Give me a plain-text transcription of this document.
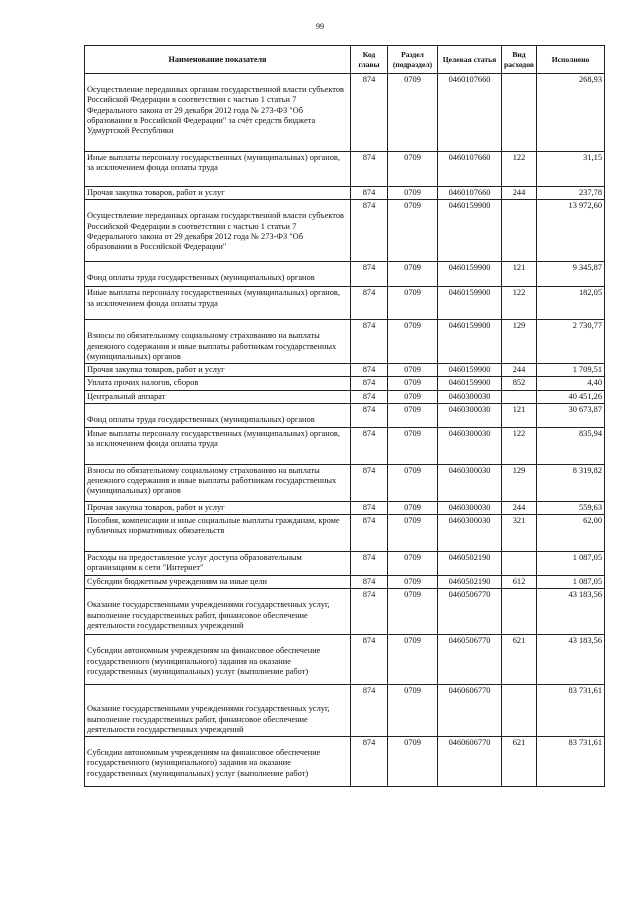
99
Наименование показателя	Код главы	Раздел (подраздел)	Целевая статья	Вид расходов	Исполнено

Осуществление переданных органам государственной власти субъектов Российской Федерации в соответствии с частью 1 статьи 7 Федерального закона от 29 декабря 2012 года № 273-ФЗ "Об образовании в Российской Федерации" за счёт средств бюджета Удмуртской Республики	874	0709	0460107660		268,93

Иные выплаты персоналу государственных (муниципальных) органов, за исключением фонда оплаты труда	874	0709	0460107660	122	31,15

Прочая закупка товаров, работ и услуг	874	0709	0460107660	244	237,78

Осуществление переданных органам государственной власти субъектов Российской Федерации в соответствии с частью 1 статьи 7 Федерального закона от 29 декабря 2012 года № 273-ФЗ "Об образовании в Российской Федерации"	874	0709	0460159900		13 972,60

Фонд оплаты труда государственных (муниципальных) органов	874	0709	0460159900	121	9 345,87

Иные выплаты персоналу государственных (муниципальных) органов, за исключением фонда оплаты труда	874	0709	0460159900	122	182,05

Взносы по обязательному социальному страхованию на выплаты денежного содержания и иные выплаты работникам государственных (муниципальных) органов	874	0709	0460159900	129	2 730,77

Прочая закупка товаров, работ и услуг	874	0709	0460159900	244	1 709,51

Уплата прочих налогов, сборов	874	0709	0460159900	852	4,40

Центральный аппарат	874	0709	0460300030		40 451,26

Фонд оплаты труда государственных (муниципальных) органов	874	0709	0460300030	121	30 673,87

Иные выплаты персоналу государственных (муниципальных) органов, за исключением фонда оплаты труда	874	0709	0460300030	122	835,94

Взносы по обязательному социальному страхованию на выплаты денежного содержания и иные выплаты работникам государственных (муниципальных) органов	874	0709	0460300030	129	8 319,82

Прочая закупка товаров, работ и услуг	874	0709	0460300030	244	559,63

Пособия, компенсации и иные социальные выплаты гражданам, кроме публичных нормативных обязательств	874	0709	0460300030	321	62,00

Расходы на предоставление услуг доступа образовательным организациям к сети "Интернет"	874	0709	0460502190		1 087,05

Субсидии бюджетным учреждениям на иные цели	874	0709	0460502190	612	1 087,05

Оказание государственными учреждениями государственных услуг, выполнение государственных работ, финансовое обеспечение деятельности государственных учреждений	874	0709	0460506770		43 183,56

Субсидии автономным учреждениям на финансовое обеспечение государственного (муниципального) задания на оказание государственных (муниципальных) услуг (выполнение работ)	874	0709	0460506770	621	43 183,56

Оказание государственными учреждениями государственных услуг, выполнение государственных работ, финансовое обеспечение деятельности государственных учреждений	874	0709	0460606770		83 731,61

Субсидии автономным учреждениям на финансовое обеспечение государственного (муниципального) задания на оказание государственных (муниципальных) услуг (выполнение работ)	874	0709	0460606770	621	83 731,61
